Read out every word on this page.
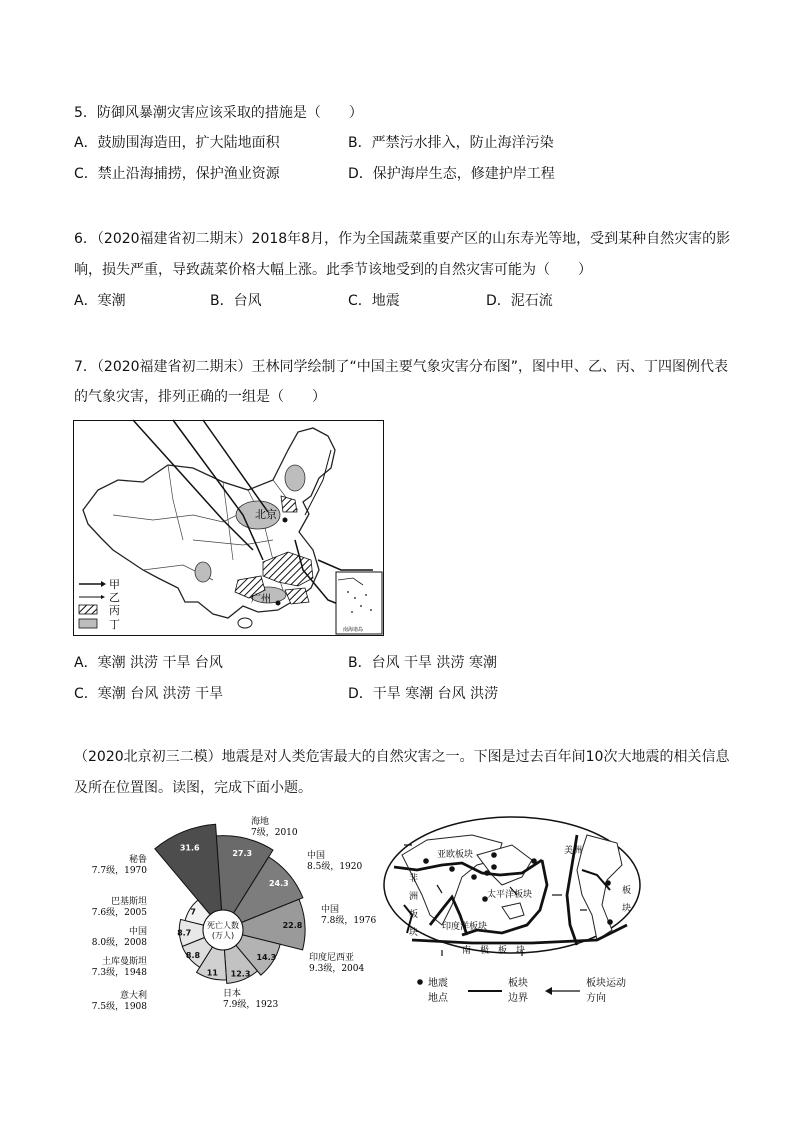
5．防御风暴潮灾害应该采取的措施是（　　）
A．鼓励围海造田，扩大陆地面积	B．严禁污水排入，防止海洋污染
C．禁止沿海捕捞，保护渔业资源	D．保护海岸生态，修建护岸工程
6．（2020福建省初二期末）2018年8月，作为全国蔬菜重要产区的山东寿光等地，受到某种自然灾害的影
响，损失严重，导致蔬菜价格大幅上涨。此季节该地受到的自然灾害可能为（　　）
A．寒潮	B．台风	C．地震	D．泥石流
7．（2020福建省初二期末）王林同学绘制了“中国主要气象灾害分布图”，图中甲、乙、丙、丁四图例代表
的气象灾害，排列正确的一组是（　　）
北京
广州
甲
乙
丙
丁	南海诸岛
A．寒潮 洪涝 干旱 台风	B．台风 干旱 洪涝 寒潮
C．寒潮 台风 洪涝 干旱	D．干旱 寒潮 台风 洪涝
（2020北京初三二模）地震是对人类危害最大的自然灾害之一。下图是过去百年间10次大地震的相关信息
及所在位置图。读图，完成下面小题。
31.6
海地
7级，2010
27.3	中国
8.5级，1920
24.3
中国
7.8级，1976
22.8
印度尼西亚
9.3级，2004
14.3
日本
7.9级，1923
12.3
意大利
7.5级，1908
11
土库曼斯坦
7.3级，1948
8.8
中国
8.0级，2008
8.7
巴基斯坦
7.6级，2005	7
秘鲁
7.7级，1970
死亡人数
(万人)
亚欧板块	美洲
非
洲
板
块
太平洋板块
印度洋板块
南　极　板　块
板
块
地震
地点
板块
边界
板块运动
方向
